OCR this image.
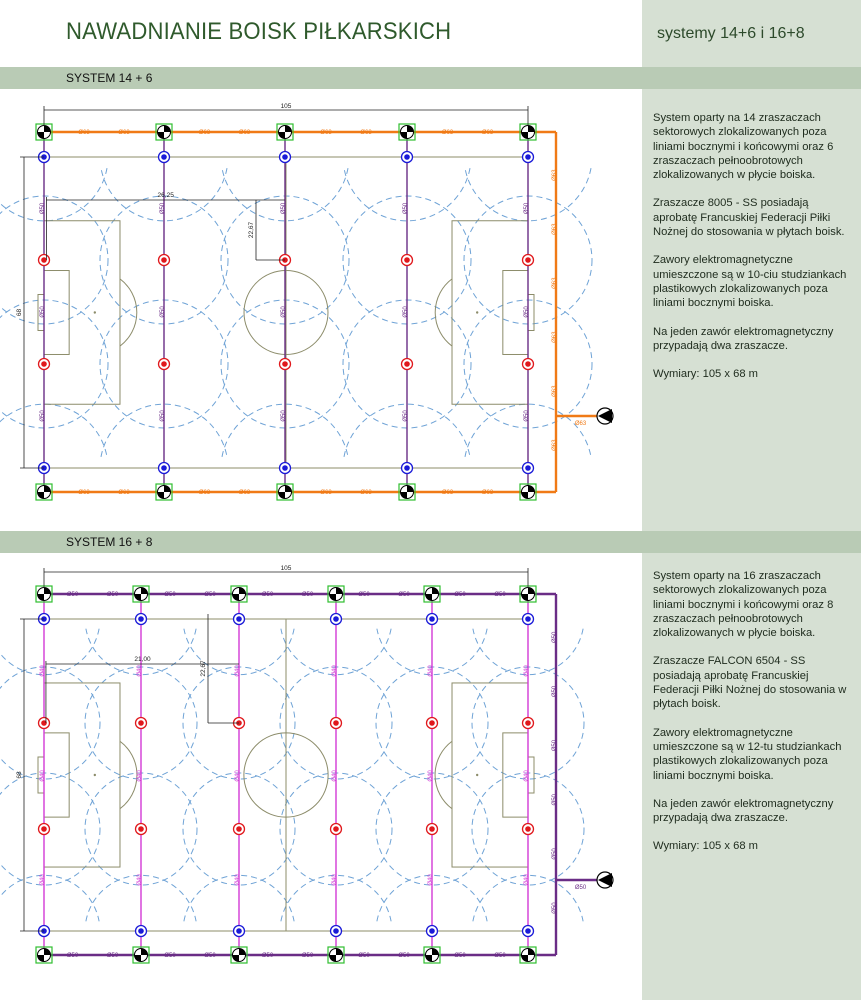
NAWADNIANIE BOISK PIŁKARSKICH	systemy 14+6 i 16+8
SYSTEM 14 + 6
SYSTEM 16 + 8

System oparty na 14 zraszaczach sektorowych zlokalizowanych poza liniami bocznymi i końcowymi oraz 6 zraszaczach pełnoobrotowych zlokalizowanych w płycie boiska.

Zraszacze 8005 - SS posiadają aprobatę Francuskiej Federacji Piłki Nożnej do stosowania w płytach boisk.

Zawory elektromagnetyczne umieszczone są w 10-ciu studziankach plastikowych zlokalizowanych poza liniami bocznymi boiska.

Na jeden zawór elektromagnetyczny przypadają dwa zraszacze.

Wymiary: 105 x 68 m

System oparty na 16 zraszaczach sektorowych zlokalizowanych poza liniami bocznymi i końcowymi oraz 8 zraszaczach pełnoobrotowych zlokalizowanych w płycie boiska.

Zraszacze FALCON 6504 - SS posiadają aprobatę Francuskiej Federacji Piłki Nożnej do stosowania w płytach boisk.

Zawory elektromagnetyczne umieszczone są w 12-tu studziankach plastikowych zlokalizowanych poza liniami bocznymi boiska.

Na jeden zawór elektromagnetyczny przypadają dwa zraszacze.

Wymiary: 105 x 68 m

Ø63	Ø63
Ø63	Ø63
Ø63	Ø63
Ø63	Ø63
Ø63	Ø63
Ø63	Ø63
Ø63	Ø63
Ø63	Ø63
Ø63
Ø63
Ø63
Ø63
Ø63
Ø63
Ø63
Ø50
Ø50
Ø50
Ø50
Ø50
Ø50
Ø50
Ø50
Ø50
Ø50
Ø50
Ø50
Ø50
Ø50
Ø50
105
68
26,25
22,67
Ø50	Ø50
Ø50	Ø50
Ø50	Ø50
Ø50	Ø50
Ø50	Ø50
Ø50	Ø50
Ø50	Ø50
Ø50	Ø50
Ø50	Ø50
Ø50	Ø50
Ø50
Ø50
Ø50
Ø50
Ø50
Ø50
Ø50
Ø40
Ø40
Ø40
Ø40
Ø40
Ø40
Ø40
Ø40
Ø40
Ø40
Ø40
Ø40
Ø40
Ø40
Ø40
Ø40
Ø40
Ø40
105
68
21,00
22,67
